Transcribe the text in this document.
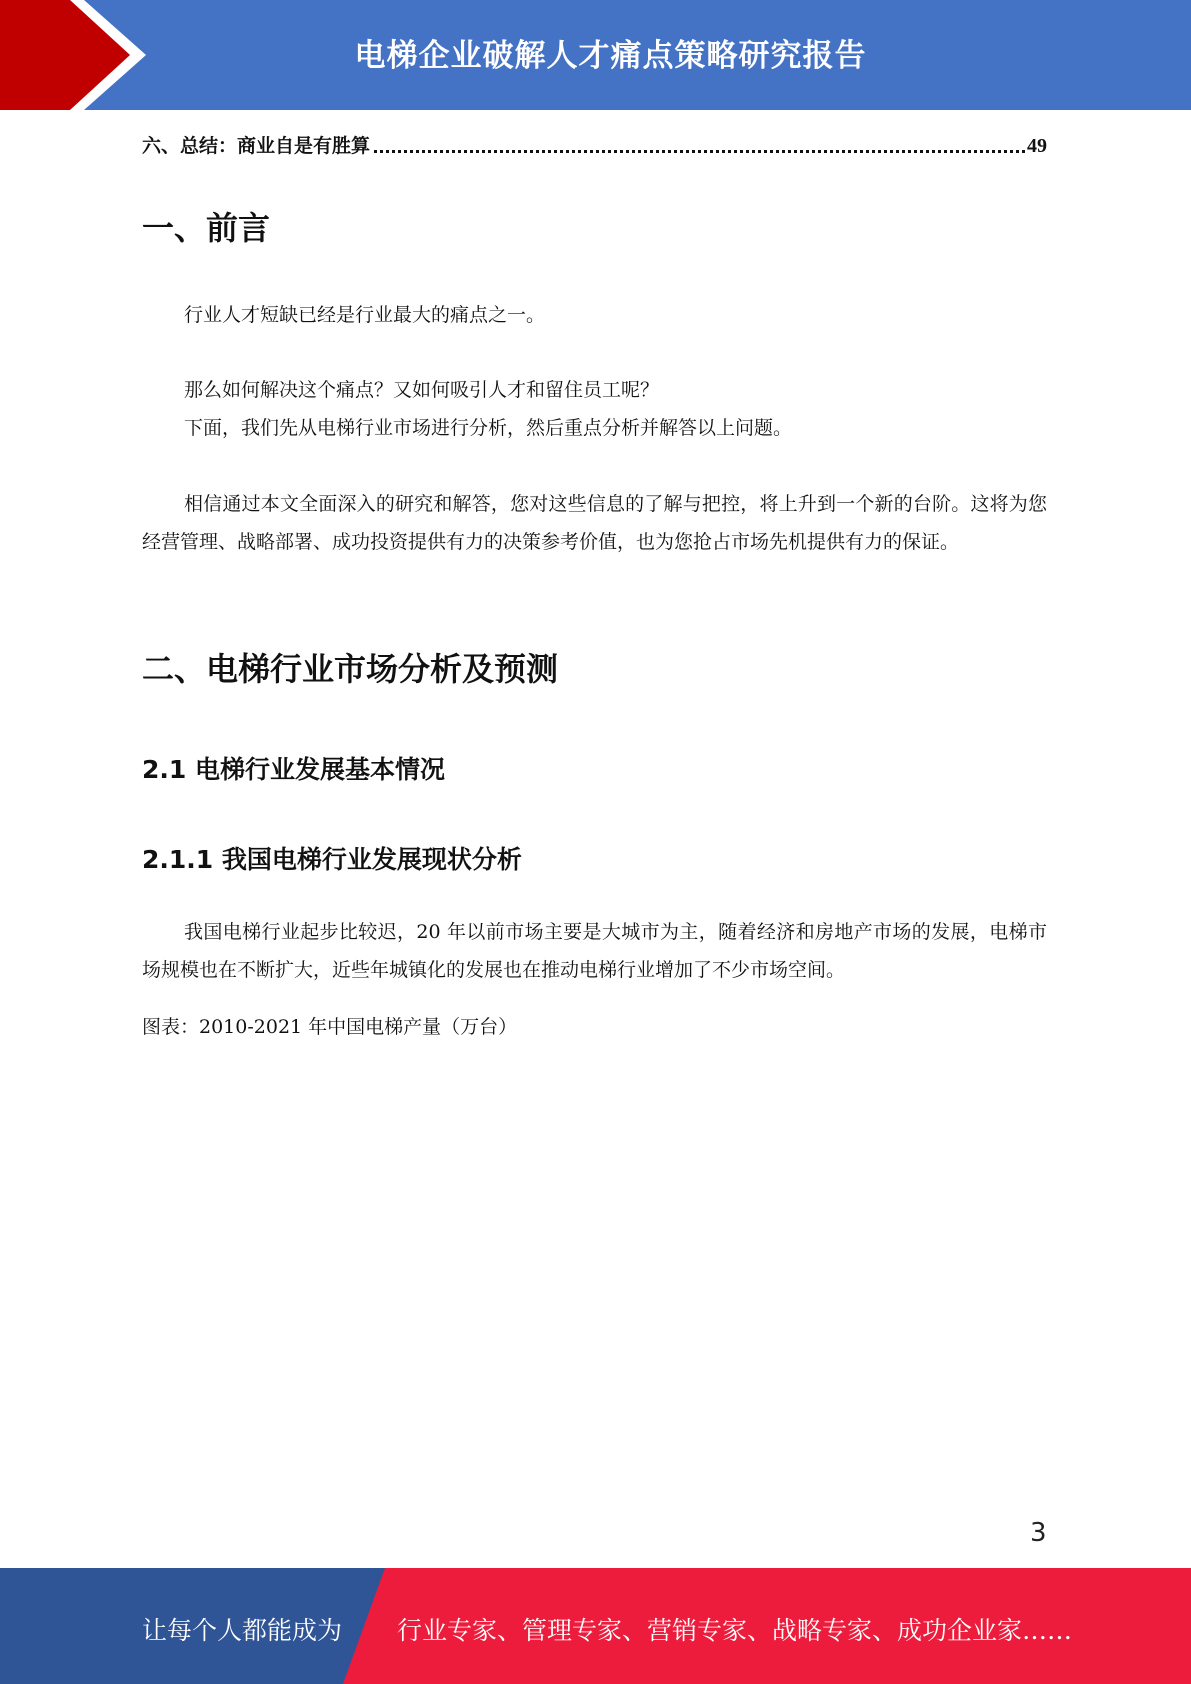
电梯企业破解人才痛点策略研究报告
六、总结：商业自是有胜算	49
一、前言

行业人才短缺已经是行业最大的痛点之一。

那么如何解决这个痛点？又如何吸引人才和留住员工呢？

下面，我们先从电梯行业市场进行分析，然后重点分析并解答以上问题。

相信通过本文全面深入的研究和解答，您对这些信息的了解与把控，将上升到一个新的台阶。这将为您经营管理、战略部署、成功投资提供有力的决策参考价值，也为您抢占市场先机提供有力的保证。

二、电梯行业市场分析及预测
2.1 电梯行业发展基本情况
2.1.1 我国电梯行业发展现状分析

我国电梯行业起步比较迟，20 年以前市场主要是大城市为主，随着经济和房地产市场的发展，电梯市场规模也在不断扩大，近些年城镇化的发展也在推动电梯行业增加了不少市场空间。

图表：2010-2021 年中国电梯产量（万台）

3
让每个人都能成为 行业专家、管理专家、营销专家、战略专家、成功企业家……
